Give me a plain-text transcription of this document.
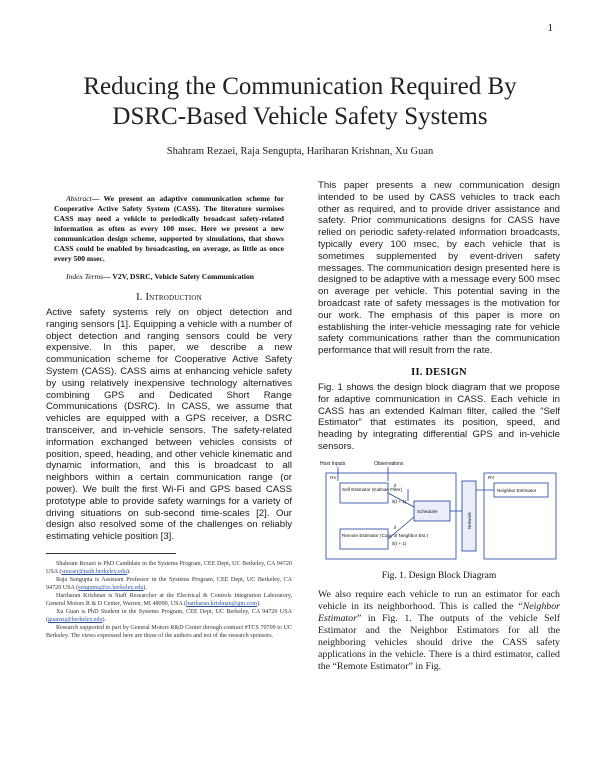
1
Reducing the Communication Required By
DSRC-Based Vehicle Safety Systems
Shahram Rezaei, Raja Sengupta, Hariharan Krishnan, Xu Guan

Abstract— We present an adaptive communication scheme for Cooperative Active Safety System (CASS). The literature surmises CASS may need a vehicle to periodically broadcast safety-related information as often as every 100 msec. Here we present a new communication design scheme, supported by simulations, that shows CASS could be enabled by broadcasting, on average, as little as once every 500 msec.

Index Terms— V2V, DSRC, Vehicle Safety Communication

I. Introduction

Active safety systems rely on object detection and ranging sensors [1]. Equipping a vehicle with a number of object detection and ranging sensors could be very expensive. In this paper, we describe a new communication scheme for Cooperative Active Safety System (CASS). CASS aims at enhancing vehicle safety by using relatively inexpensive technology alternatives combining GPS and Dedicated Short Range Communications (DSRC). In CASS, we assume that vehicles are equipped with a GPS receiver, a DSRC transceiver, and in-vehicle sensors. The safety-related information exchanged between vehicles consists of position, speed, heading, and other vehicle kinematic and dynamic information, and this is broadcast to all neighbors within a certain communication range (or power). We built the first Wi-Fi and GPS based CASS prototype able to provide safety warnings for a variety of driving situations on sub-second time-scales [2]. Our design also resolved some of the challenges on reliably estimating vehicle position [3].

Shahram Rezaei is PhD Candidate in the Systems Program, CEE Dept, UC Berkeley, CA 94720 USA (srezaei@path.berkeley.edu).

Raja Sengupta is Assistant Professor in the Systems Program, CEE Dept, UC Berkeley, CA 94720 USA (sengupta@ce.berkeley.edu).

Hariharan Krishnan is Staff Researcher at the Electrical & Controls Integration Laboratory, General Motors R & D Center, Warren, MI 48090, USA (hariharan.krishnan@gm.com).

Xu Guan is PhD Student in the Systems Program, CEE Dept, UC Berkeley, CA 94720 USA (guanxu@berkeley.edu).

Research supported in part by General Motors R&D Center through contract #TCS 70709 to UC Berkeley. The views expressed here are those of the authors and not of the research sponsors.

This paper presents a new communication design intended to be used by CASS vehicles to track each other as required, and to provide driver assistance and safety. Prior communications designs for CASS have relied on periodic safety-related information broadcasts, typically every 100 msec, by each vehicle that is sometimes supplemented by event-driven safety messages. The communication design presented here is designed to be adaptive with a message every 500 msec on average per vehicle. This potential saving in the broadcast rate of safety messages is the motivation for our work. The emphasis of this paper is more on establishing the inter-vehicle messaging rate for vehicle safety communications rather than the communication performance that will result from the rate.

II. DESIGN

Fig. 1 shows the design block diagram that we propose for adaptive communication in CASS. Each vehicle in CASS has an extended Kalman filter, called the “Self Estimator” that estimates its position, speed, and heading by integrating differential GPS and in-vehicle sensors.

Host Inputs	Observations
HV	RV
Self Estimator (Kalman Filter)
Scheduler
Remote Estimator (Copy of Neighbor Est.)
Neighbor Estimator
Network
x̂
x̂(t + 1)
x̂
x̂(t + 1)
Fig. 1. Design Block Diagram

We also require each vehicle to run an estimator for each vehicle in its neighborhood. This is called the “Neighbor Estimator” in Fig. 1. The outputs of the vehicle Self Estimator and the Neighbor Estimators for all the neighboring vehicles should drive the CASS safety applications in the vehicle. There is a third estimator, called the “Remote Estimator” in Fig.
